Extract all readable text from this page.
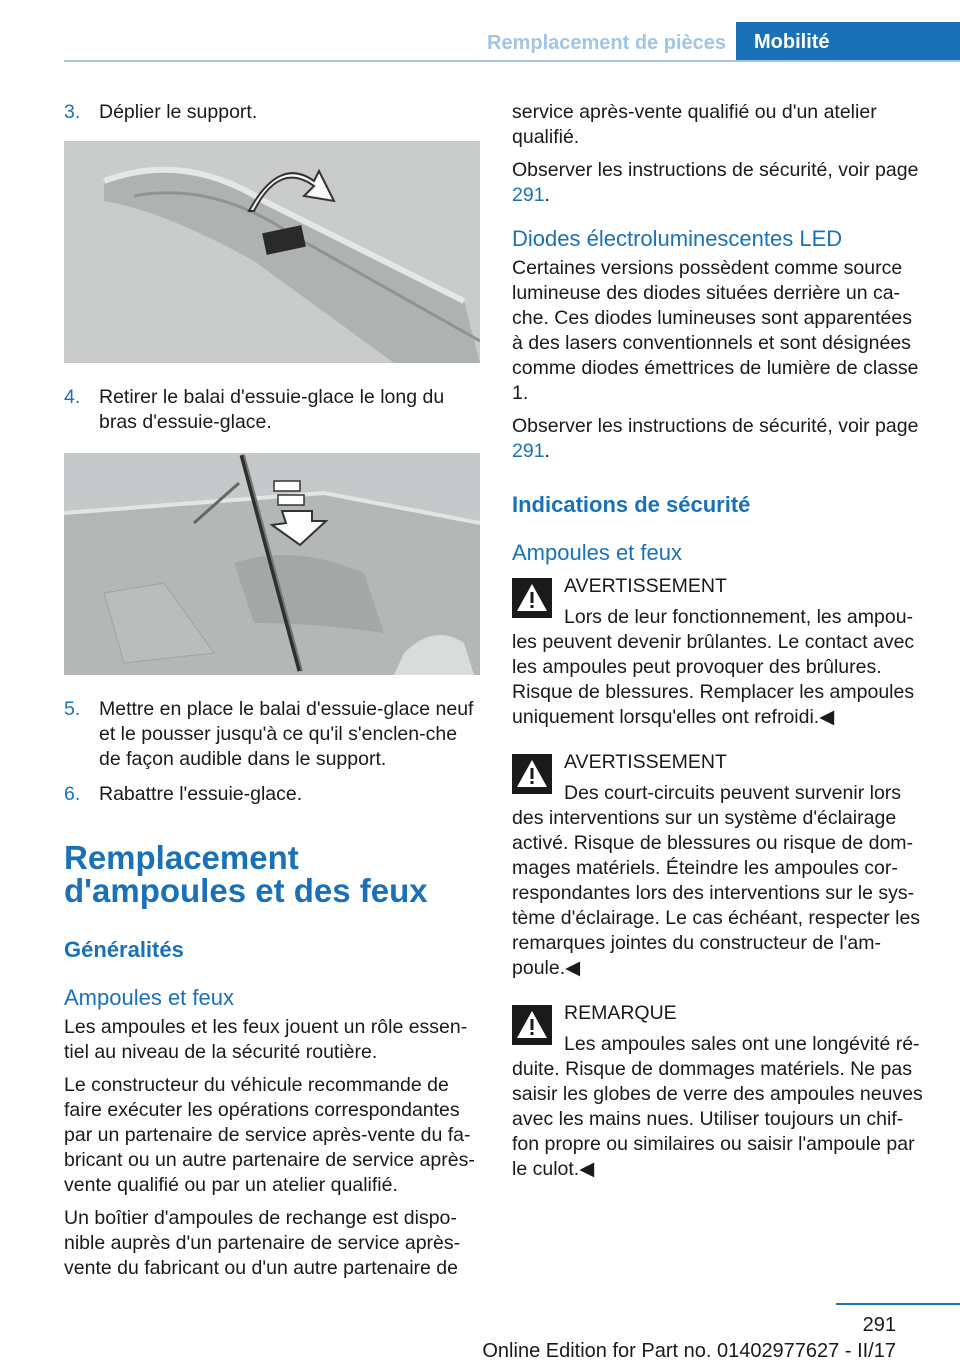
Remplacement de pièces	Mobilité
3. Déplier le support.
4. Retirer le balai d'essuie-glace le long du bras d'essuie-glace.
5. Mettre en place le balai d'essuie-glace neuf et le pousser jusqu'à ce qu'il s'enclen-che de façon audible dans le support.
6. Rabattre l'essuie-glace.
Remplacement d'ampoules et des feux
Généralités
Ampoules et feux

Les ampoules et les feux jouent un rôle essen-tiel au niveau de la sécurité routière.

Le constructeur du véhicule recommande de faire exécuter les opérations correspondantes par un partenaire de service après-vente du fa-bricant ou un autre partenaire de service après-vente qualifié ou par un atelier qualifié.

Un boîtier d'ampoules de rechange est dispo-nible auprès d'un partenaire de service après-vente du fabricant ou d'un autre partenaire de

service après-vente qualifié ou d'un atelier qualifié.

Observer les instructions de sécurité, voir page 291.

Diodes électroluminescentes LED

Certaines versions possèdent comme source lumineuse des diodes situées derrière un ca-che. Ces diodes lumineuses sont apparentées à des lasers conventionnels et sont désignées comme diodes émettrices de lumière de classe 1.

Observer les instructions de sécurité, voir page 291.

Indications de sécurité
Ampoules et feux
AVERTISSEMENT
Lors de leur fonctionnement, les ampou-les peuvent devenir brûlantes. Le contact avec les ampoules peut provoquer des brûlures. Risque de blessures. Remplacer les ampoules uniquement lorsqu'elles ont refroidi.◀
AVERTISSEMENT
Des court-circuits peuvent survenir lors des interventions sur un système d'éclairage activé. Risque de blessures ou risque de dom-mages matériels. Éteindre les ampoules cor-respondantes lors des interventions sur le sys-tème d'éclairage. Le cas échéant, respecter les remarques jointes du constructeur de l'am-poule.◀
REMARQUE
Les ampoules sales ont une longévité ré-duite. Risque de dommages matériels. Ne pas saisir les globes de verre des ampoules neuves avec les mains nues. Utiliser toujours un chif-fon propre ou similaires ou saisir l'ampoule par le culot.◀
291
Online Edition for Part no. 01402977627 - II/17
